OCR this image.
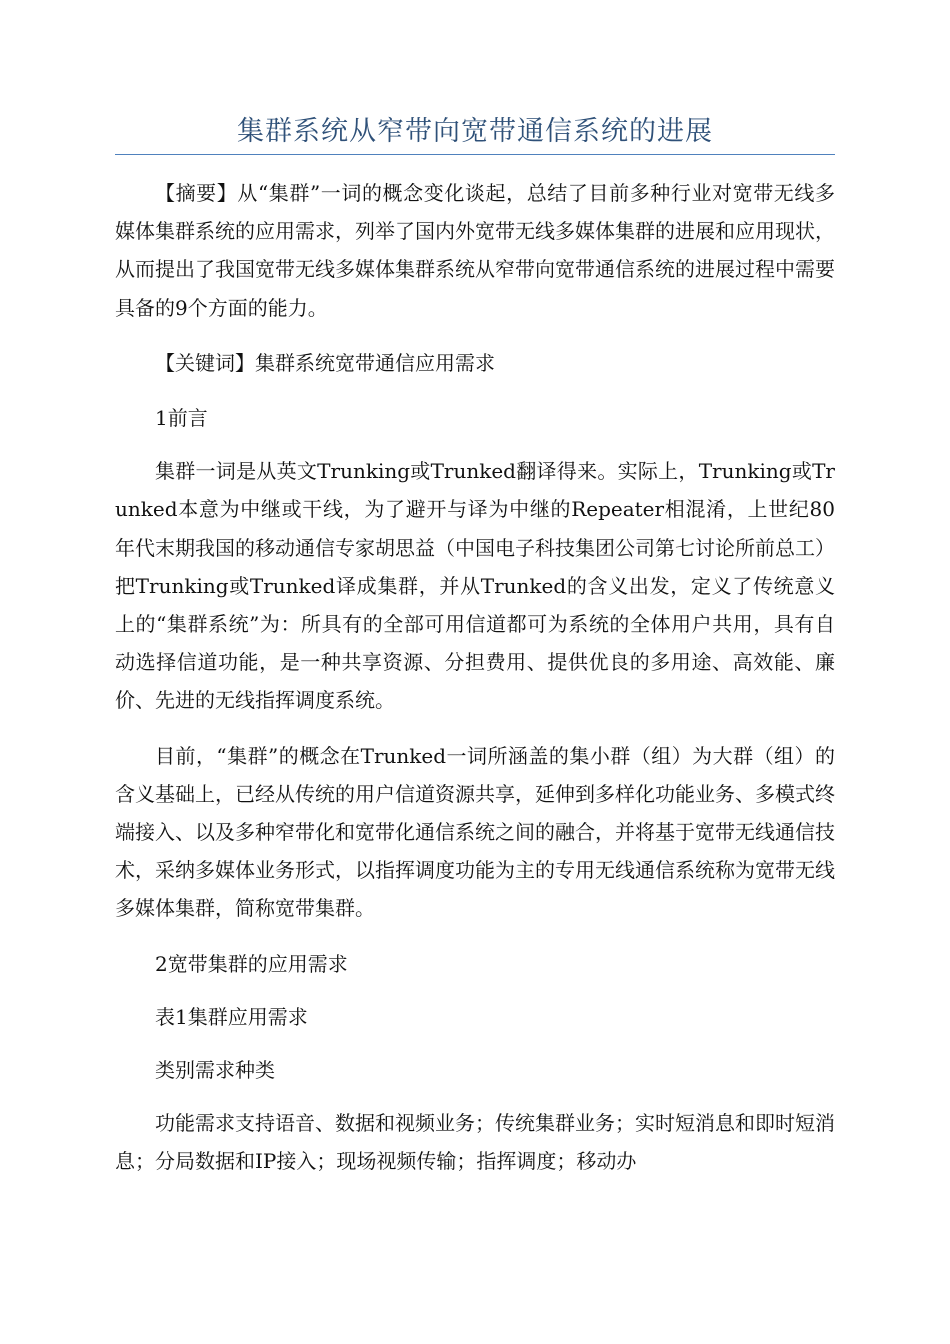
集群系统从窄带向宽带通信系统的进展

【摘要】从“集群”一词的概念变化谈起，总结了目前多种行业对宽带无线多媒体集群系统的应用需求，列举了国内外宽带无线多媒体集群的进展和应用现状，从而提出了我国宽带无线多媒体集群系统从窄带向宽带通信系统的进展过程中需要具备的9个方面的能力。

【关键词】集群系统宽带通信应用需求

1前言

集群一词是从英文Trunking或Trunked翻译得来。实际上，Trunking或Trunked本意为中继或干线，为了避开与译为中继的Repeater相混淆，上世纪80年代末期我国的移动通信专家胡思益（中国电子科技集团公司第七讨论所前总工）把Trunking或Trunked译成集群，并从Trunked的含义出发，定义了传统意义上的“集群系统”为：所具有的全部可用信道都可为系统的全体用户共用，具有自动选择信道功能，是一种共享资源、分担费用、提供优良的多用途、高效能、廉价、先进的无线指挥调度系统。

目前，“集群”的概念在Trunked一词所涵盖的集小群（组）为大群（组）的含义基础上，已经从传统的用户信道资源共享，延伸到多样化功能业务、多模式终端接入、以及多种窄带化和宽带化通信系统之间的融合，并将基于宽带无线通信技术，采纳多媒体业务形式，以指挥调度功能为主的专用无线通信系统称为宽带无线多媒体集群，简称宽带集群。

2宽带集群的应用需求

表1集群应用需求

类别需求种类

功能需求支持语音、数据和视频业务；传统集群业务；实时短消息和即时短消息；分局数据和IP接入；现场视频传输；指挥调度；移动办
